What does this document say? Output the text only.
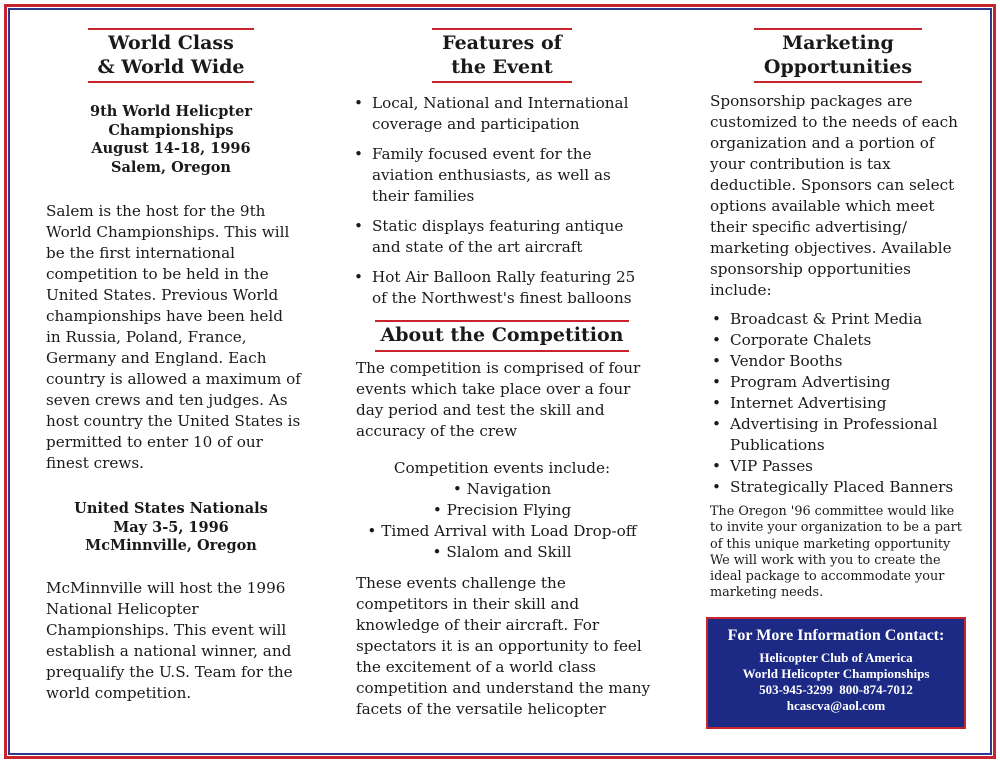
World Class
& World Wide
9th World Helicpter
Championships
August 14-18, 1996
Salem, Oregon
Salem is the host for the 9th World Championships. This will be the first international competition to be held in the United States. Previous World championships have been held in Russia, Poland, France, Germany and England. Each country is allowed a maximum of seven crews and ten judges. As host country the United States is permitted to enter 10 of our finest crews.
United States Nationals
May 3-5, 1996
McMinnville, Oregon
McMinnville will host the 1996 National Helicopter Championships. This event will establish a national winner, and prequalify the U.S. Team for the world competition.
Features of
the Event
• Local, National and International coverage and participation
• Family focused event for the aviation enthusiasts, as well as their families
• Static displays featuring antique and state of the art aircraft
• Hot Air Balloon Rally featuring 25 of the Northwest's finest balloons
About the Competition
The competition is comprised of four events which take place over a four day period and test the skill and accuracy of the crew
Competition events include:
• Navigation
• Precision Flying
• Timed Arrival with Load Drop-off
• Slalom and Skill
These events challenge the competitors in their skill and knowledge of their aircraft. For spectators it is an opportunity to feel the excitement of a world class competition and understand the many facets of the versatile helicopter
Marketing
Opportunities
Sponsorship packages are customized to the needs of each organization and a portion of your contribution is tax deductible. Sponsors can select options available which meet their specific advertising/ marketing objectives. Available sponsorship opportunities include:
• Broadcast & Print Media
• Corporate Chalets
• Vendor Booths
• Program Advertising
• Internet Advertising
• Advertising in Professional Publications
• VIP Passes
• Strategically Placed Banners
The Oregon '96 committee would like to invite your organization to be a part of this unique marketing opportunity We will work with you to create the ideal package to accommodate your marketing needs.
For More Information Contact:
Helicopter Club of America
World Helicopter Championships
503-945-3299  800-874-7012
hcascva@aol.com
